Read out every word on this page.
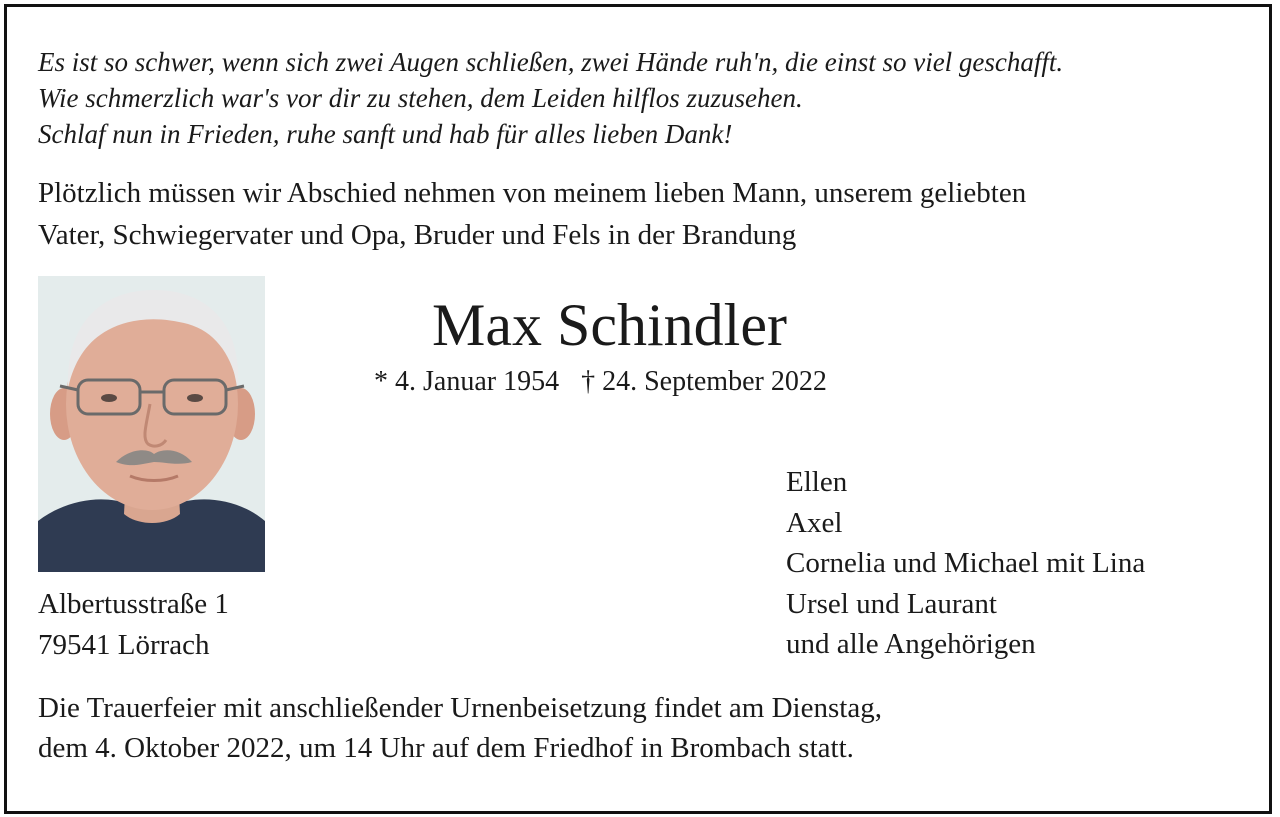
Es ist so schwer, wenn sich zwei Augen schließen, zwei Hände ruh'n, die einst so viel geschafft.
Wie schmerzlich war's vor dir zu stehen, dem Leiden hilflos zuzusehen.
Schlaf nun in Frieden, ruhe sanft und hab für alles lieben Dank!
Plötzlich müssen wir Abschied nehmen von meinem lieben Mann, unserem geliebten
Vater, Schwiegervater und Opa, Bruder und Fels in der Brandung
Max Schindler
* 4. Januar 1954 † 24. September 2022
Ellen
Axel
Cornelia und Michael mit Lina
Ursel und Laurant
und alle Angehörigen
Albertusstraße 1
79541 Lörrach
Die Trauerfeier mit anschließender Urnenbeisetzung findet am Dienstag,
dem 4. Oktober 2022, um 14 Uhr auf dem Friedhof in Brombach statt.
